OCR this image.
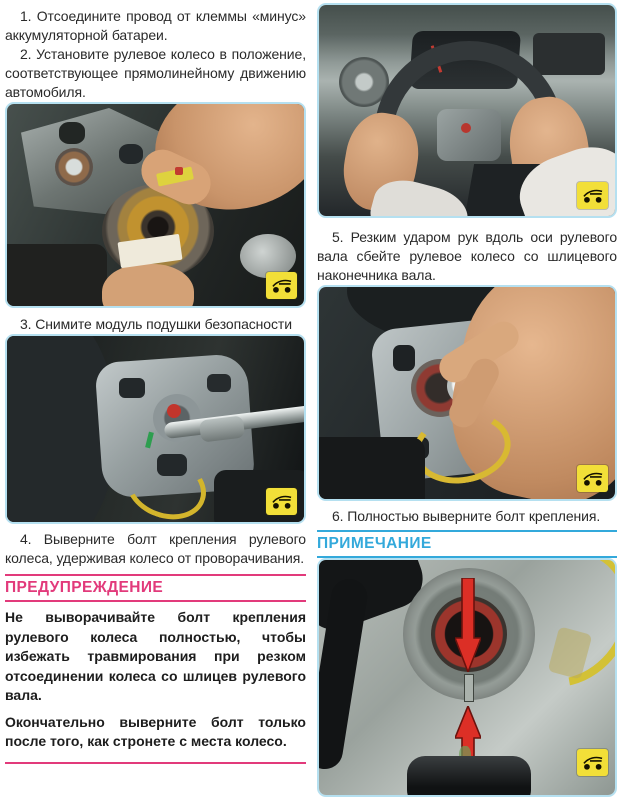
1. Отсоедините провод от клеммы «минус» аккумуляторной батареи.

2. Установите рулевое колесо в положение, соответствующее прямолинейному движению автомобиля.

3. Снимите модуль подушки безопасности

4. Выверните болт крепления рулевого колеса, удерживая колесо от проворачивания.

ПРЕДУПРЕЖДЕНИЕ

Не выворачивайте болт крепления рулевого колеса полностью, чтобы избежать травмирования при резком отсоединении колеса со шлицев рулевого вала.

Окончательно выверните болт только после того, как стронете с места колесо.

5. Резким ударом рук вдоль оси рулевого вала сбейте рулевое колесо со шлицевого наконечника вала.

6. Полностью выверните болт крепления.

ПРИМЕЧАНИЕ
